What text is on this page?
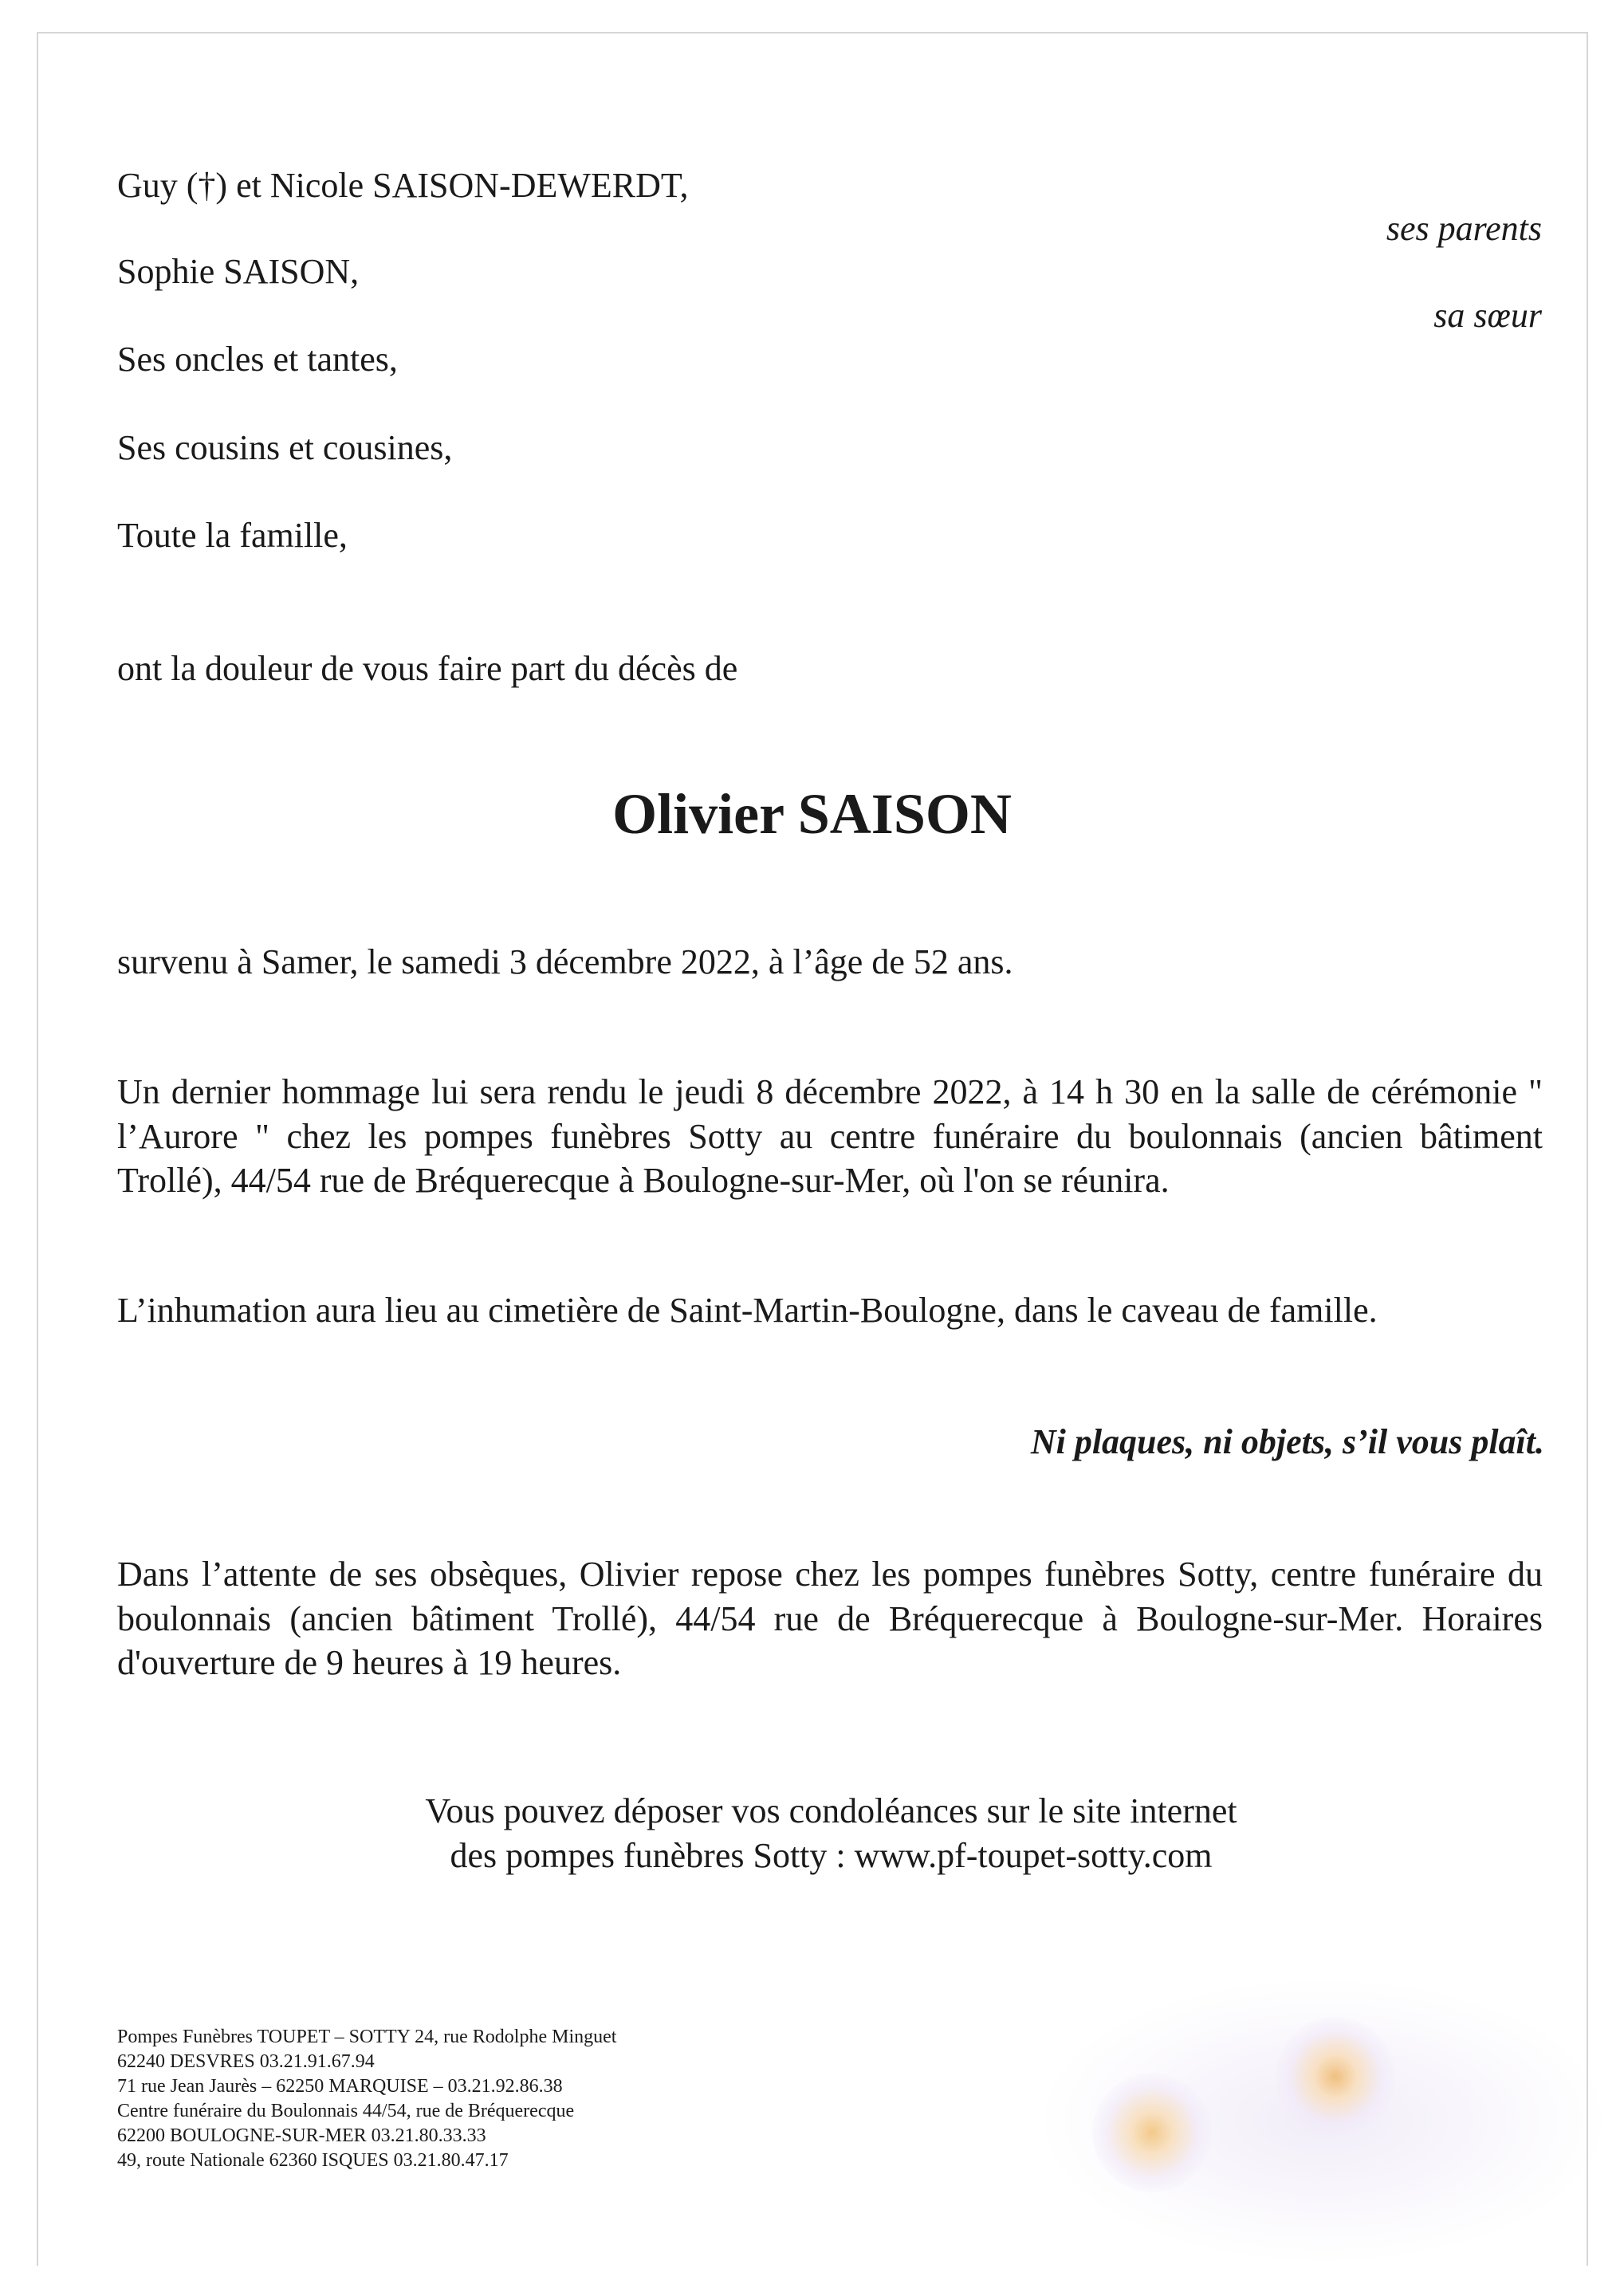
Guy (†) et Nicole SAISON-DEWERDT,
ses parents
Sophie SAISON,
sa sœur
Ses oncles et tantes,
Ses cousins et cousines,
Toute la famille,
ont la douleur de vous faire part du décès de
Olivier SAISON
survenu à Samer, le samedi 3 décembre 2022, à l’âge de 52 ans.
Un dernier hommage lui sera rendu le jeudi 8 décembre 2022, à 14 h 30 en la salle de cérémonie " l’Aurore " chez les pompes funèbres Sotty au centre funéraire du boulonnais (ancien bâtiment Trollé), 44/54 rue de Bréquerecque à Boulogne-sur-Mer, où l'on se réunira.
L’inhumation aura lieu au cimetière de Saint-Martin-Boulogne, dans le caveau de famille.
Ni plaques, ni objets, s’il vous plaît.
Dans l’attente de ses obsèques, Olivier repose chez les pompes funèbres Sotty, centre funéraire du boulonnais (ancien bâtiment Trollé), 44/54 rue de Bréquerecque à Boulogne-sur-Mer. Horaires d'ouverture de 9 heures à 19 heures.
Vous pouvez déposer vos condoléances sur le site internet
des pompes funèbres Sotty : www.pf-toupet-sotty.com
Pompes Funèbres TOUPET – SOTTY 24, rue Rodolphe Minguet
62240 DESVRES 03.21.91.67.94
71 rue Jean Jaurès – 62250 MARQUISE – 03.21.92.86.38
Centre funéraire du Boulonnais 44/54, rue de Bréquerecque
62200 BOULOGNE-SUR-MER 03.21.80.33.33
49, route Nationale 62360 ISQUES 03.21.80.47.17
